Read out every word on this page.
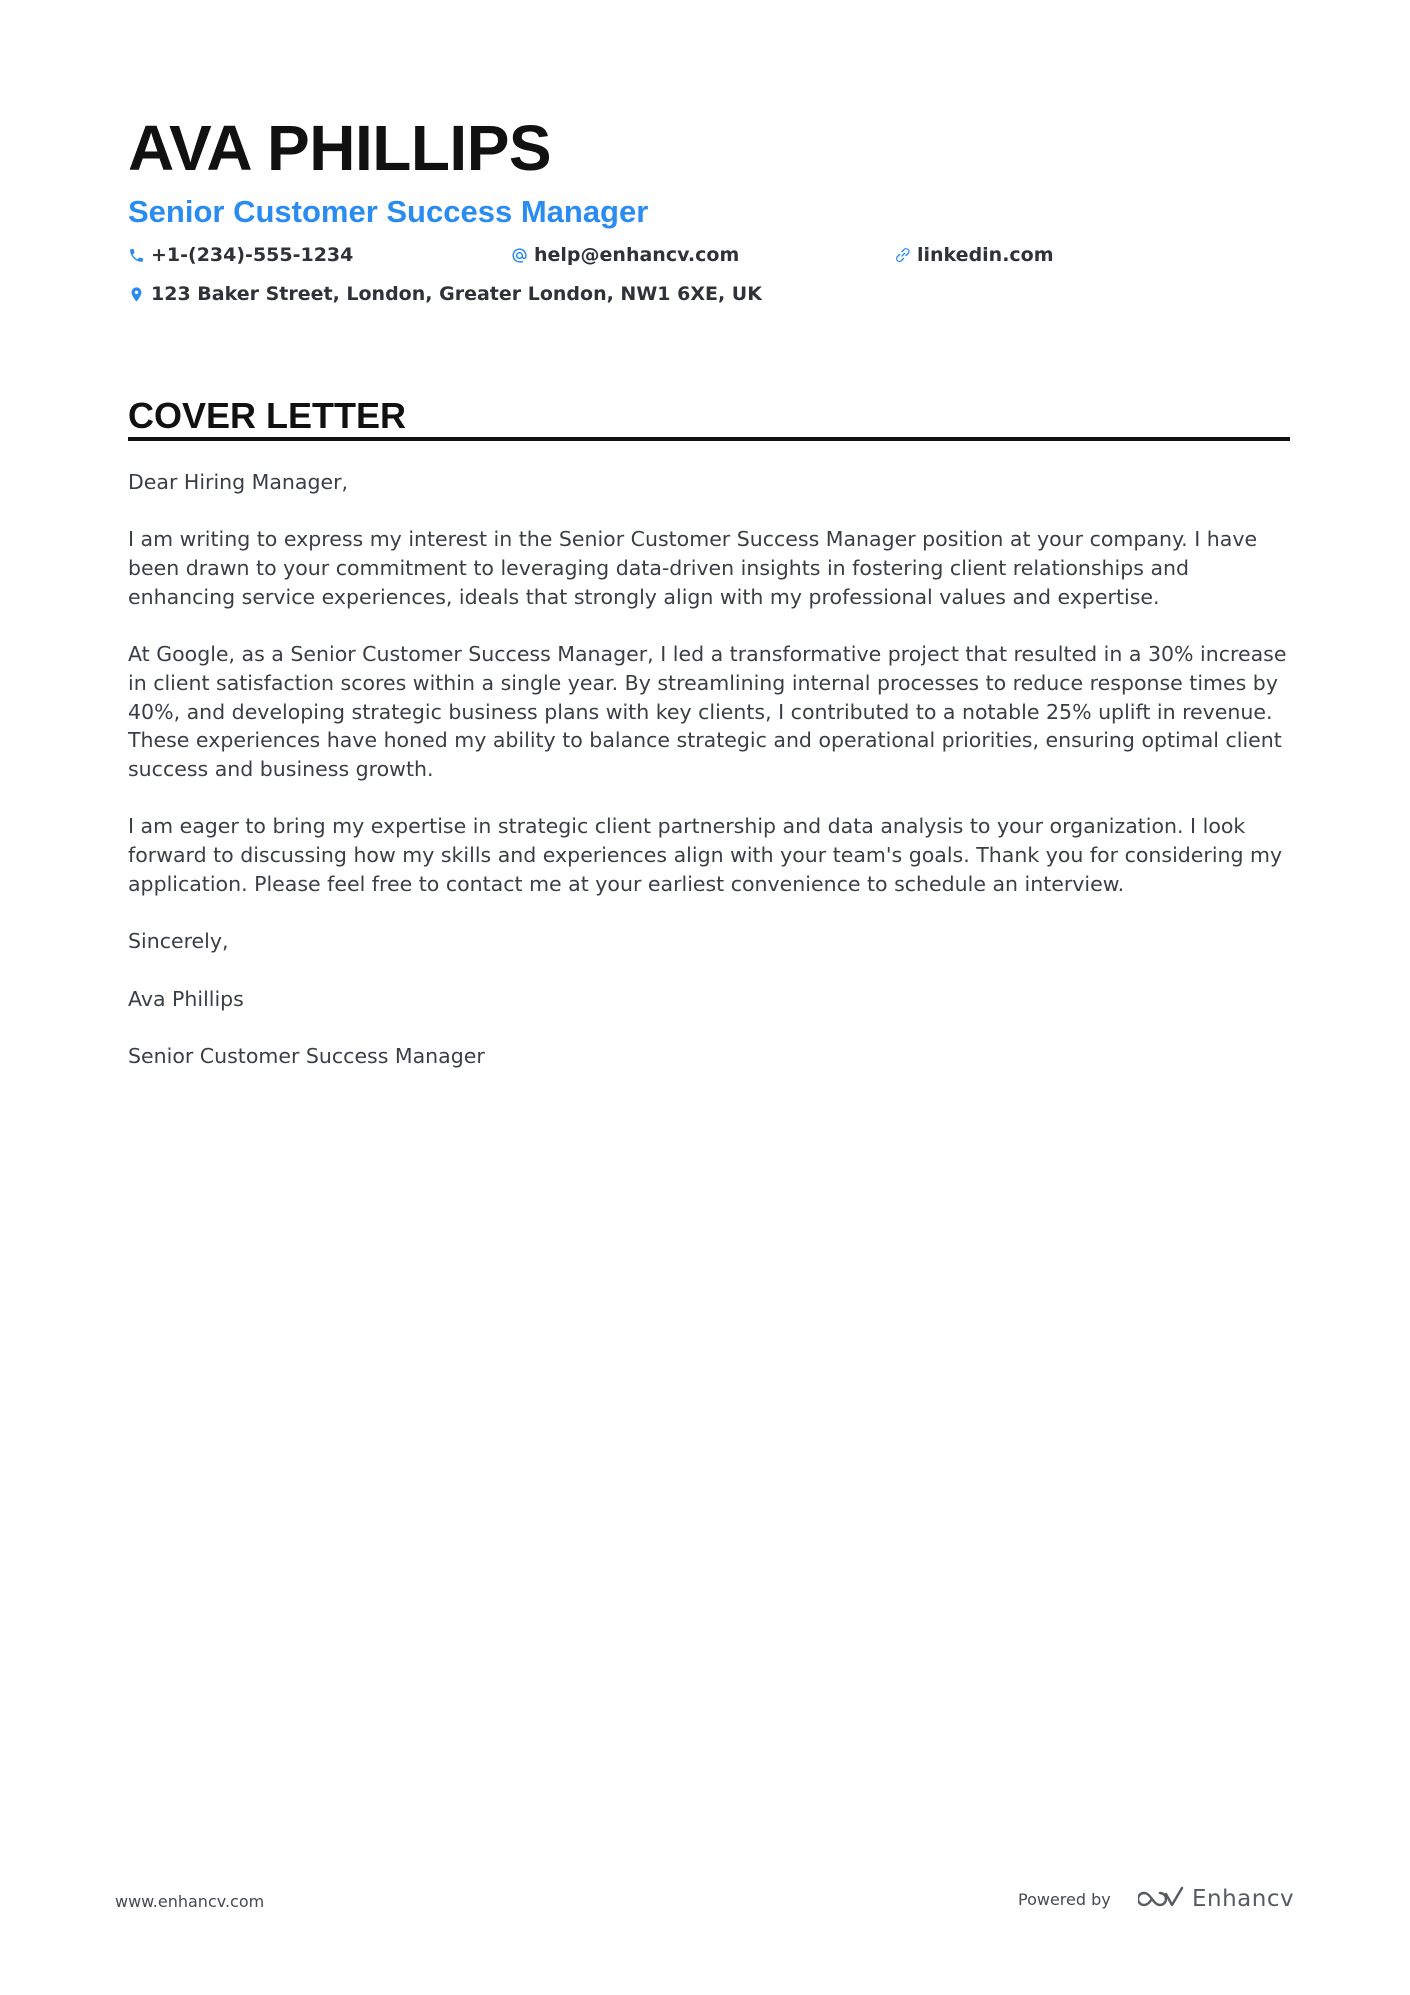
AVA PHILLIPS
Senior Customer Success Manager
+1-(234)-555-1234	help@enhancv.com	linkedin.com
123 Baker Street, London, Greater London, NW1 6XE, UK
COVER LETTER

Dear Hiring Manager,

I am writing to express my interest in the Senior Customer Success Manager position at your company. I have been drawn to your commitment to leveraging data-driven insights in fostering client relationships and enhancing service experiences, ideals that strongly align with my professional values and expertise.

At Google, as a Senior Customer Success Manager, I led a transformative project that resulted in a 30% increase in client satisfaction scores within a single year. By streamlining internal processes to reduce response times by 40%, and developing strategic business plans with key clients, I contributed to a notable 25% uplift in revenue. These experiences have honed my ability to balance strategic and operational priorities, ensuring optimal client success and business growth.

I am eager to bring my expertise in strategic client partnership and data analysis to your organization. I look forward to discussing how my skills and experiences align with your team's goals. Thank you for considering my application. Please feel free to contact me at your earliest convenience to schedule an interview.

Sincerely,

Ava Phillips

Senior Customer Success Manager

www.enhancv.com	Powered by	Enhancv
